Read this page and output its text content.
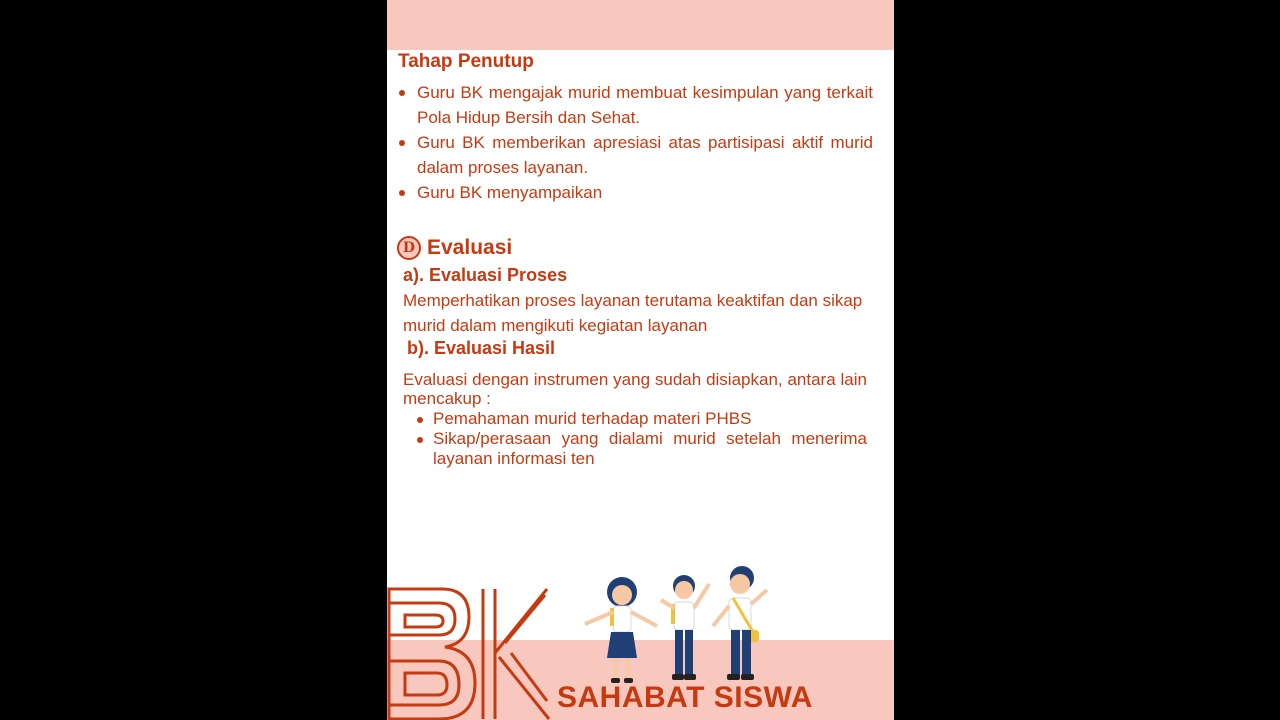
Tahap Penutup
Guru BK mengajak murid membuat kesimpulan yang terkait Pola Hidup Bersih dan Sehat.
Guru BK memberikan apresiasi atas partisipasi aktif murid dalam proses layanan.
Guru BK menyampaikan
D Evaluasi
a). Evaluasi Proses
Memperhatikan proses layanan terutama keaktifan dan sikap murid dalam mengikuti kegiatan layanan
b). Evaluasi Hasil
Evaluasi dengan instrumen yang sudah disiapkan, antara lain mencakup :
Pemahaman murid terhadap materi PHBS
Sikap/perasaan yang dialami murid setelah menerima layanan informasi ten
SAHABAT SISWA
